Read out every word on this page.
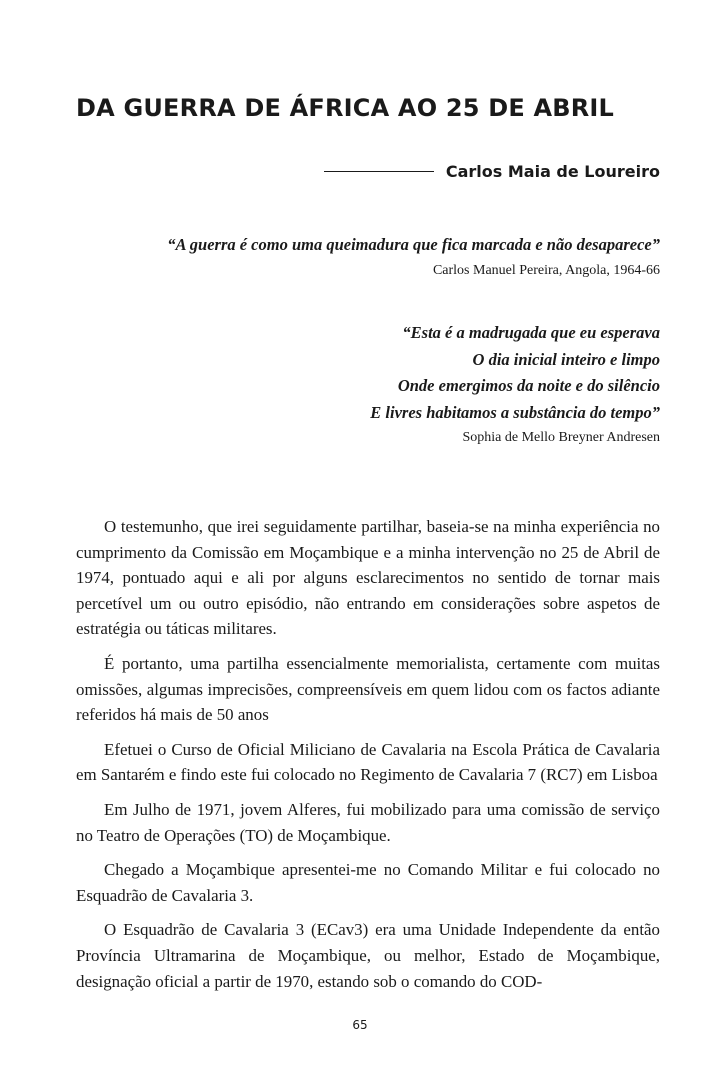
DA GUERRA DE ÁFRICA AO 25 DE ABRIL
Carlos Maia de Loureiro
“A guerra é como uma queimadura que fica marcada e não desaparece”
Carlos Manuel Pereira, Angola, 1964-66
“Esta é a madrugada que eu esperava
O dia inicial inteiro e limpo
Onde emergimos da noite e do silêncio
E livres habitamos a substância do tempo”
Sophia de Mello Breyner Andresen

O testemunho, que irei seguidamente partilhar, baseia-se na minha experiência no cumprimento da Comissão em Moçambique e a minha intervenção no 25 de Abril de 1974, pontuado aqui e ali por alguns esclarecimentos no sentido de tornar mais percetível um ou outro episódio, não entrando em considerações sobre aspetos de estratégia ou táticas militares.

É portanto, uma partilha essencialmente memorialista, certamente com muitas omissões, algumas imprecisões, compreensíveis em quem lidou com os factos adiante referidos há mais de 50 anos

Efetuei o Curso de Oficial Miliciano de Cavalaria na Escola Prática de Cavalaria em Santarém e findo este fui colocado no Regimento de Cavalaria 7 (RC7) em Lisboa

Em Julho de 1971, jovem Alferes, fui mobilizado para uma comissão de serviço no Teatro de Operações (TO) de Moçambique.

Chegado a Moçambique apresentei-me no Comando Militar e fui colocado no Esquadrão de Cavalaria 3.

O Esquadrão de Cavalaria 3 (ECav3) era uma Unidade Independente da então Província Ultramarina de Moçambique, ou melhor, Estado de Moçambique, designação oficial a partir de 1970, estando sob o comando do COD-

65
